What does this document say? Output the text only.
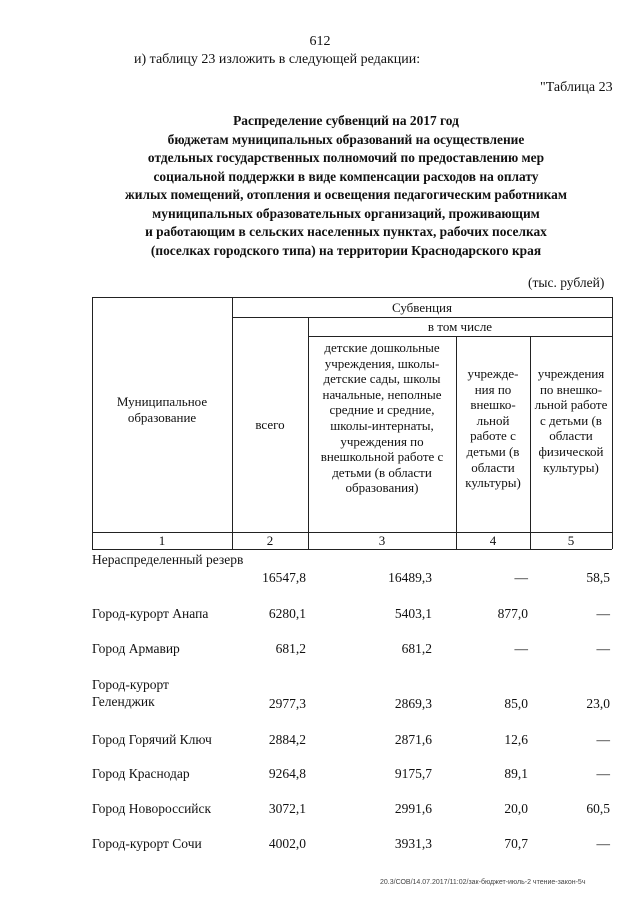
612
и) таблицу 23 изложить в следующей редакции:
"Таблица 23
Распределение субвенций на 2017 год
бюджетам муниципальных образований на осуществление
отдельных государственных полномочий по предоставлению мер
социальной поддержки в виде компенсации расходов на оплату
жилых помещений, отопления и освещения педагогическим работникам
муниципальных образовательных организаций, проживающим
и работающим в сельских населенных пунктах, рабочих поселках
(поселках городского типа) на территории Краснодарского края
(тыс. рублей)
Муниципальное образование
Субвенция
всего
в том числе
детские дошкольные учреждения, школы-детские сады, школы начальные, неполные средние и средние, школы-интернаты, учреждения по внешкольной работе с детьми (в области образования)
учрежде-ния по внешко-льной работе с детьми (в области культуры)
учреждения по внешко-льной работе с детьми (в области физической культуры)
1	2	3	4	5
Нераспределенный резерв
16547,8	16489,3	—	58,5
Город-курорт Анапа	6280,1	5403,1	877,0	—
Город Армавир	681,2	681,2	—	—
Город-курорт Геленджик	2977,3	2869,3	85,0	23,0
Город Горячий Ключ	2884,2	2871,6	12,6	—
Город Краснодар	9264,8	9175,7	89,1	—
Город Новороссийск	3072,1	2991,6	20,0	60,5
Город-курорт Сочи	4002,0	3931,3	70,7	—
20.3/СОВ/14.07.2017/11:02/зак-бюджет-июль-2 чтение-закон-5ч
